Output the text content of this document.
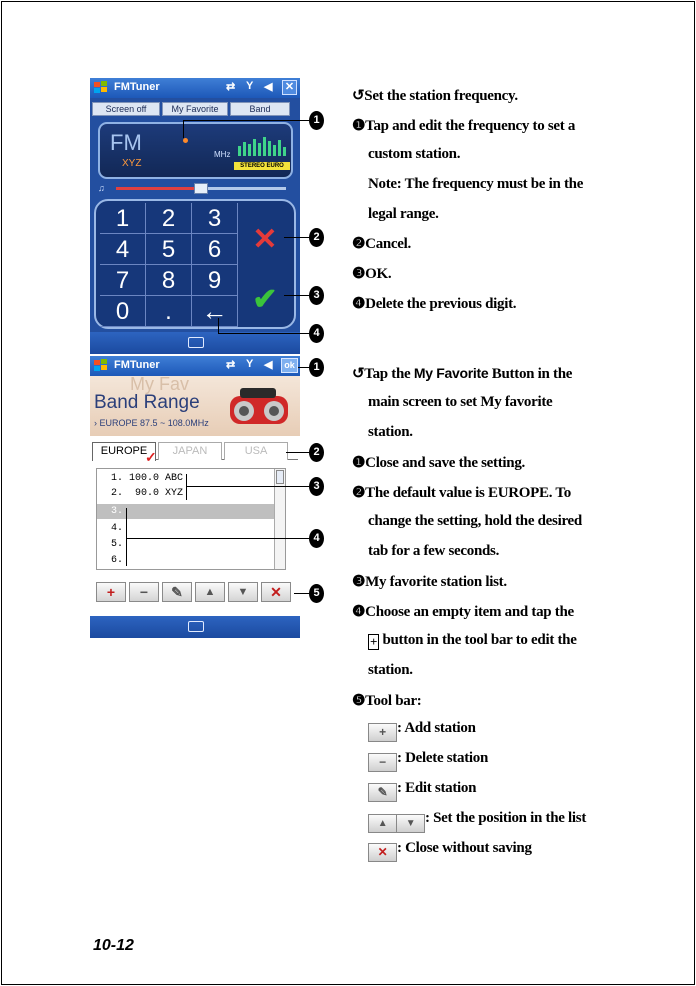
FMTuner	⇄ Y ◀ ✕
Screen off	My Favorite	Band
FM
XYZ
MHz
STEREO EURO
♫
1	2	3
4	5	6
7	8	9
0	.	←
✕
✔
FMTuner	⇄ Y ◀	ok
My Fav
Band Range
› EUROPE 87.5 ~ 108.0MHz
EUROPE
✓	JAPAN	USA
1. 100.0 ABC
2.	90.0 XYZ
3.
4.
5.
6.
+	−	✎	▲	▼	✕
1
2
3
4
1
2
3
4
5
↺Set the station frequency.
❶Tap and edit the frequency to set a
custom station.
Note: The frequency must be in the
legal range.
❷Cancel.
❸OK.
❹Delete the previous digit.
↺Tap the My Favorite Button in the
main screen to set My favorite
station.
❶Close and save the setting.
❷The default value is EUROPE. To
change the setting, hold the desired
tab for a few seconds.
❸My favorite station list.
❹Choose an empty item and tap the
+ button in the tool bar to edit the
station.
❺Tool bar:
+ : Add station
− : Delete station
✎ : Edit station
▲ ▼ : Set the position in the list
✕ : Close without saving
10-12
